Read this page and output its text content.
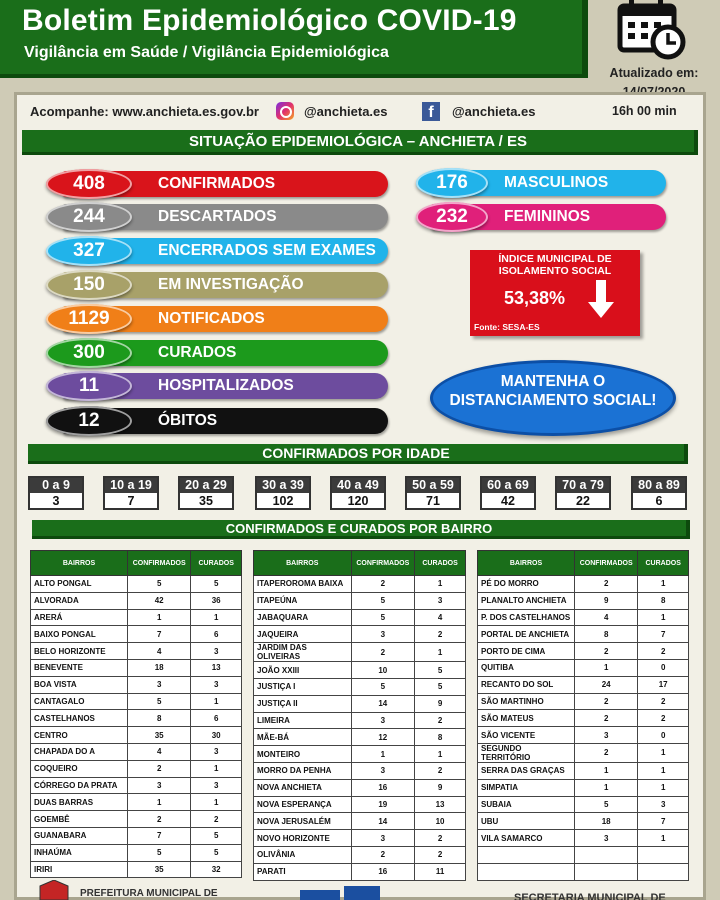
Boletim Epidemiológico COVID-19
Vigilância em Saúde / Vigilância Epidemiológica
Atualizado em:
Acompanhe: www.anchieta.es.gov.br	@anchieta.es	f	@anchieta.es	16h 00 min
SITUAÇÃO EPIDEMIOLÓGICA – ANCHIETA / ES
CONFIRMADOS
408
DESCARTADOS
244
ENCERRADOS SEM EXAMES
327
EM INVESTIGAÇÃO
150
NOTIFICADOS
1129
CURADOS
300
HOSPITALIZADOS
11
ÓBITOS
12
MASCULINOS
176
FEMININOS
232
ÍNDICE MUNICIPAL DE ISOLAMENTO SOCIAL
53,38%
Fonte: SESA-ES
MANTENHA O DISTANCIAMENTO SOCIAL!
CONFIRMADOS POR IDADE
0 a 9
3
10 a 19
7
20 a 29
35
30 a 39
102
40 a 49
120
50 a 59
71
60 a 69
42
70 a 79
22
80 a 89
6
CONFIRMADOS E CURADOS POR BAIRRO
BAIRROS	CONFIRMADOS	CURADOS
ALTO PONGAL	5	5
ALVORADA	42	36
ARERÁ	1	1
BAIXO PONGAL	7	6
BELO HORIZONTE	4	3
BENEVENTE	18	13
BOA VISTA	3	3
CANTAGALO	5	1
CASTELHANOS	8	6
CENTRO	35	30
CHAPADA DO A	4	3
COQUEIRO	2	1
CÓRREGO DA PRATA	3	3
DUAS BARRAS	1	1
GOEMBÊ	2	2
GUANABARA	7	5
INHAÚMA	5	5
IRIRI	35	32
BAIRROS	CONFIRMADOS	CURADOS
ITAPEROROMA BAIXA	2	1
ITAPEÚNA	5	3
JABAQUARA	5	4
JAQUEIRA	3	2
JARDIM DAS OLIVEIRAS	2	1
JOÃO XXIII	10	5
JUSTIÇA I	5	5
JUSTIÇA II	14	9
LIMEIRA	3	2
MÃE-BÁ	12	8
MONTEIRO	1	1
MORRO DA PENHA	3	2
NOVA ANCHIETA	16	9
NOVA ESPERANÇA	19	13
NOVA JERUSALÉM	14	10
NOVO HORIZONTE	3	2
OLIVÂNIA	2	2
PARATI	16	11
BAIRROS	CONFIRMADOS	CURADOS
PÉ DO MORRO	2	1
PLANALTO ANCHIETA	9	8
P. DOS CASTELHANOS	4	1
PORTAL DE ANCHIETA	8	7
PORTO DE CIMA	2	2
QUITIBA	1	0
RECANTO DO SOL	24	17
SÃO MARTINHO	2	2
SÃO MATEUS	2	2
SÃO VICENTE	3	0
SEGUNDO TERRITÓRIO	2	1
SERRA DAS GRAÇAS	1	1
SIMPATIA	1	1
SUBAIA	5	3
UBU	18	7
VILA SAMARCO	3	1

PREFEITURA MUNICIPAL DE	SECRETARIA MUNICIPAL DE
